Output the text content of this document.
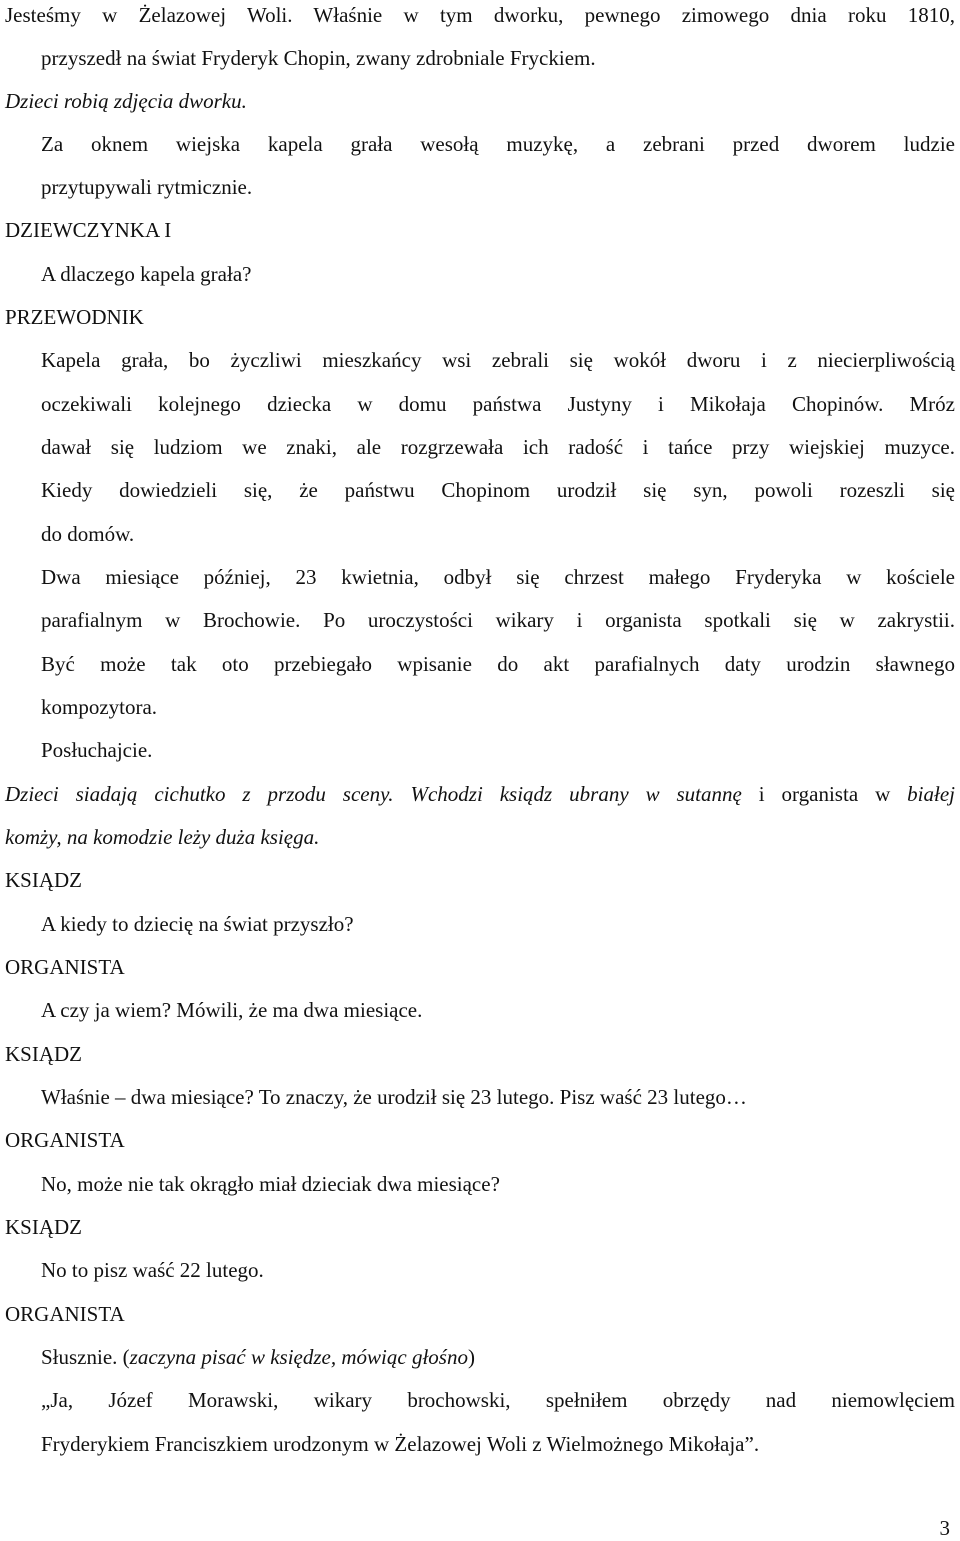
Jesteśmy w Żelazowej Woli. Właśnie w tym dworku, pewnego zimowego dnia roku 1810,
przyszedł na świat Fryderyk Chopin, zwany zdrobniale Fryckiem.
Dzieci robią zdjęcia dworku.
Za oknem wiejska kapela grała wesołą muzykę, a zebrani przed dworem ludzie
przytupywali rytmicznie.
DZIEWCZYNKA I
A dlaczego kapela grała?
PRZEWODNIK
Kapela grała, bo życzliwi mieszkańcy wsi zebrali się wokół dworu i z niecierpliwością
oczekiwali kolejnego dziecka w domu państwa Justyny i Mikołaja Chopinów. Mróz
dawał się ludziom we znaki, ale rozgrzewała ich radość i tańce przy wiejskiej muzyce.
Kiedy dowiedzieli się, że państwu Chopinom urodził się syn, powoli rozeszli się
do domów.
Dwa miesiące później, 23 kwietnia, odbył się chrzest małego Fryderyka w kościele
parafialnym w Brochowie. Po uroczystości wikary i organista spotkali się w zakrystii.
Być może tak oto przebiegało wpisanie do akt parafialnych daty urodzin sławnego
kompozytora.
Posłuchajcie.
Dzieci siadają cichutko z przodu sceny. Wchodzi ksiądz ubrany w sutannę i organista w białej
komży, na komodzie leży duża księga.
KSIĄDZ
A kiedy to dziecię na świat przyszło?
ORGANISTA
A czy ja wiem? Mówili, że ma dwa miesiące.
KSIĄDZ
Właśnie – dwa miesiące? To znaczy, że urodził się 23 lutego. Pisz waść 23 lutego…
ORGANISTA
No, może nie tak okrągło miał dzieciak dwa miesiące?
KSIĄDZ
No to pisz waść 22 lutego.
ORGANISTA
Słusznie. (zaczyna pisać w księdze, mówiąc głośno)
„Ja, Józef Morawski, wikary brochowski, spełniłem obrzędy nad niemowlęciem
Fryderykiem Franciszkiem urodzonym w Żelazowej Woli z Wielmożnego Mikołaja”.
3
